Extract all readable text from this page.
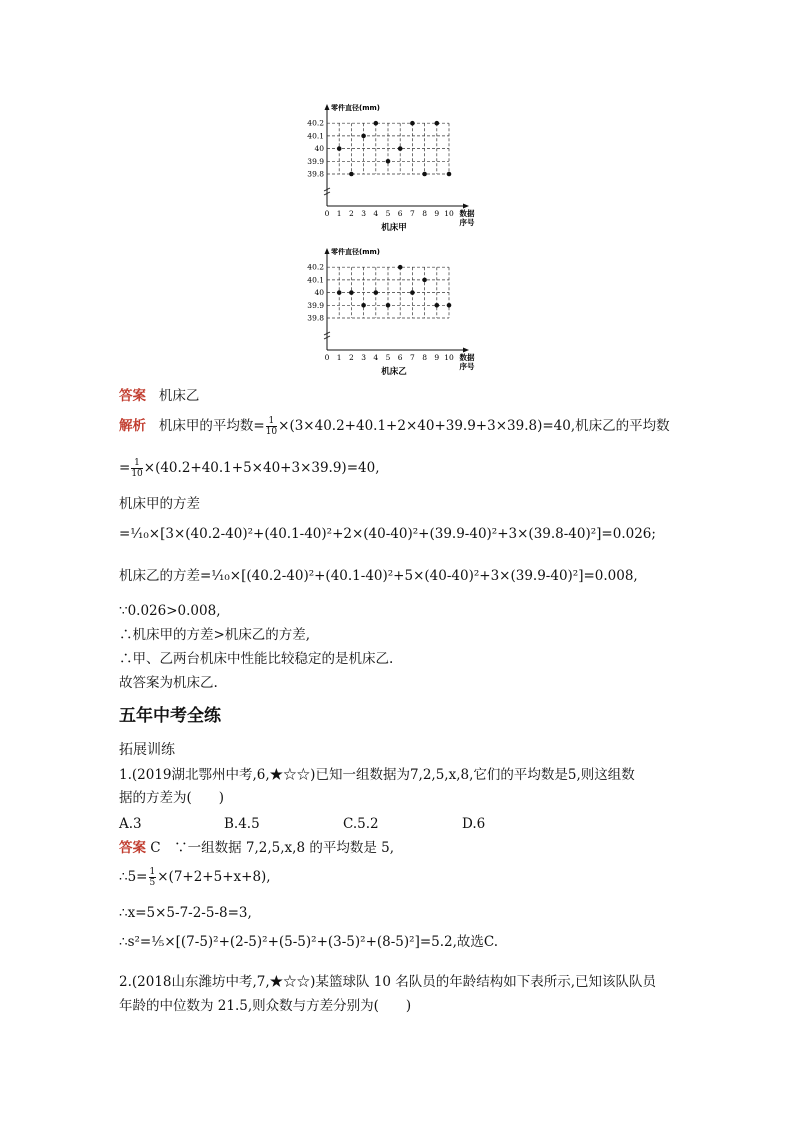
40.2
40.1
40
39.9
39.8
0 1 2 3 4 5 6 7 8 9 10
零件直径(mm)
数据
序号
机床甲
40.2
40.1
40
39.9
39.8
0 1 2 3 4 5 6 7 8 9 10
零件直径(mm)
数据
序号
机床乙
答案 机床乙
解析 机床甲的平均数= $\frac{1}{10} \times(3\times 40.2+40.1+2\times 40+39.9+3\times 39.8)=40$,机床乙的平均数
= $\frac{1}{10} \times(40.2+40.1+5\times 40+3\times 39.9)=40$,
机床甲的方差
=¹⁄₁₀×[3×(40.2-40)²+(40.1-40)²+2×(40-40)²+(39.9-40)²+3×(39.8-40)²]=0.026;
机床乙的方差=¹⁄₁₀×[(40.2-40)²+(40.1-40)²+5×(40-40)²+3×(39.9-40)²]=0.008,
∵0.026>0.008,
∴机床甲的方差>机床乙的方差,
∴甲、乙两台机床中性能比较稳定的是机床乙.
故答案为机床乙.
五年中考全练
拓展训练
1.(2019湖北鄂州中考,6,★☆☆)已知一组数据为7,2,5,x,8,它们的平均数是5,则这组数
据的方差为(　　)
A.3	B.4.5	C.5.2	D.6
答案 C　∵一组数据 7,2,5,x,8 的平均数是 5,
∴5= $\frac{1}{5} \times(7+2+5+x+8)$,
∴x=5×5-7-2-5-8=3,
∴s²=¹⁄₅×[(7-5)²+(2-5)²+(5-5)²+(3-5)²+(8-5)²]=5.2,故选C.
2.(2018山东潍坊中考,7,★☆☆)某篮球队 10 名队员的年龄结构如下表所示,已知该队队员
年龄的中位数为 21.5,则众数与方差分别为(　　)
